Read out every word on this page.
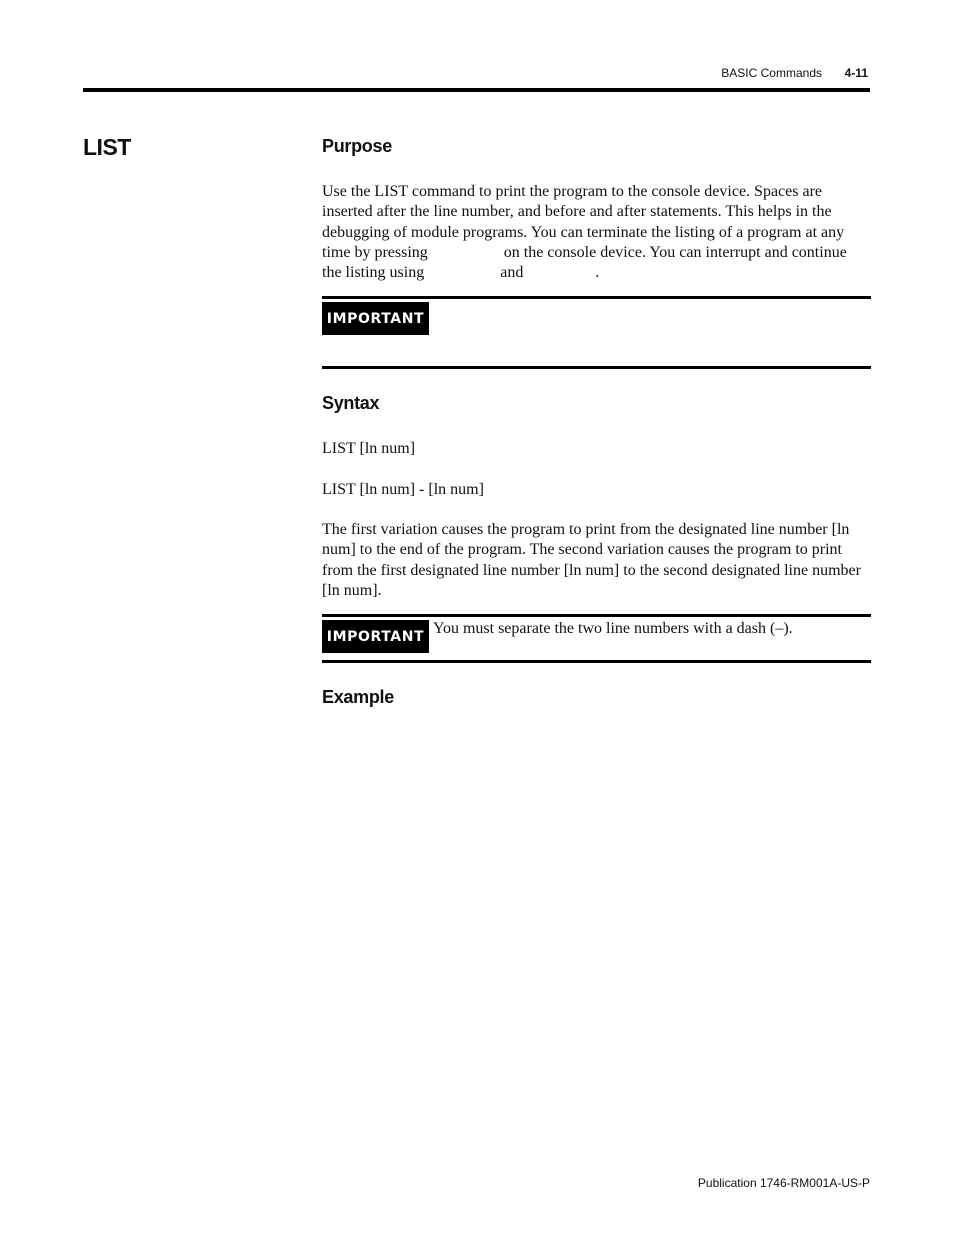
BASIC Commands 4-11
LIST	Purpose

Use the LIST command to print the program to the console device. Spaces are inserted after the line number, and before and after statements. This helps in the debugging of module programs. You can terminate the listing of a program at any time by pressing	on the console device. You can interrupt and continue the listing using	and	.

IMPORTANT
Syntax

LIST [ln num]

LIST [ln num] - [ln num]

The first variation causes the program to print from the designated line number [ln num] to the end of the program. The second variation causes the program to print from the first designated line number [ln num] to the second designated line number [ln num].

IMPORTANT You must separate the two line numbers with a dash (–).
Example
Publication 1746-RM001A-US-P
